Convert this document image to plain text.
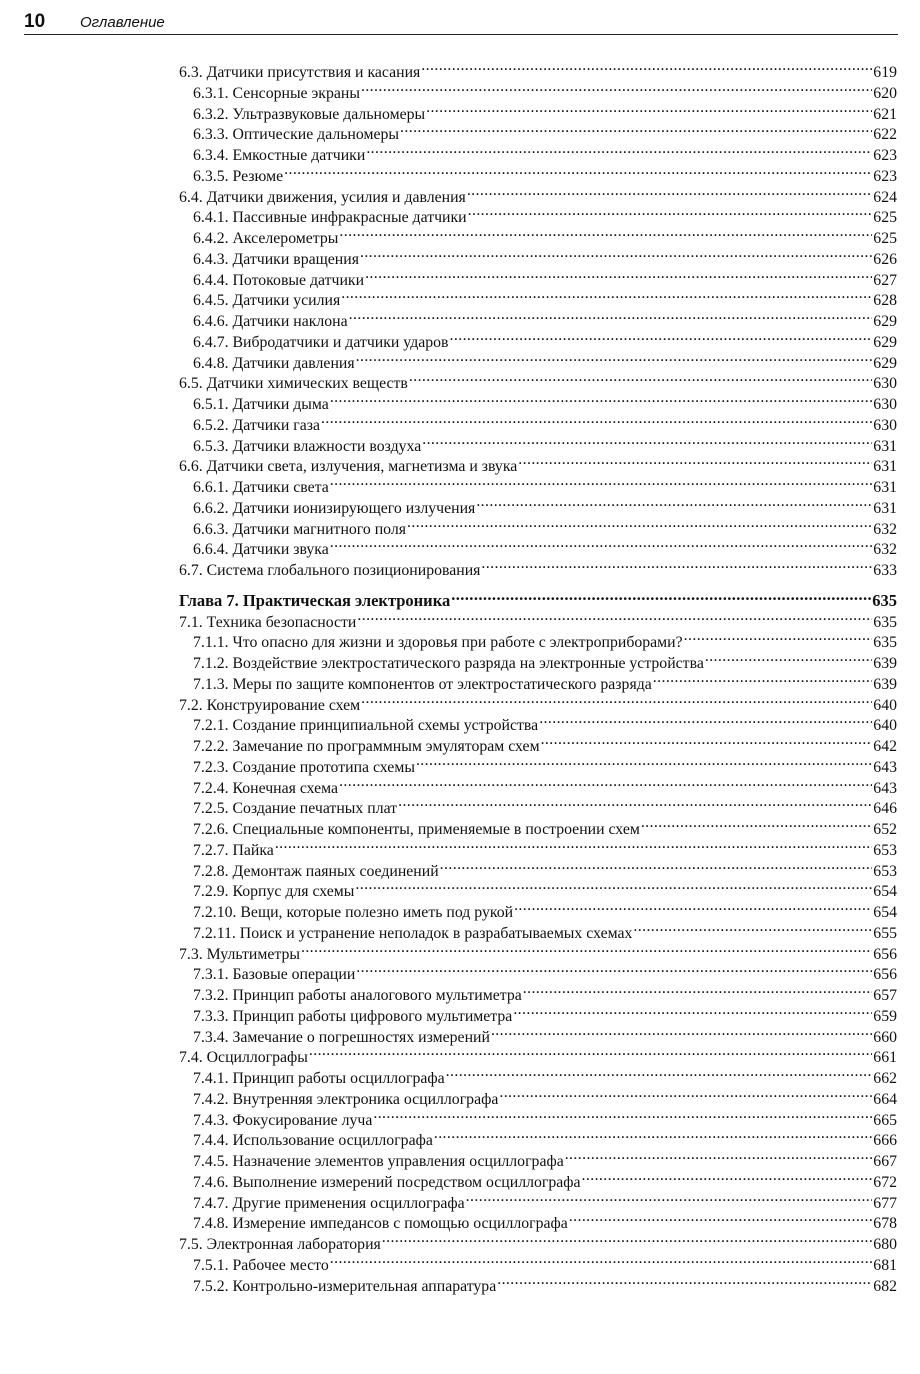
10 Оглавление
6.3. Датчики присутствия и касания .....	619
6.3.1. Сенсорные экраны .....	620
6.3.2. Ультразвуковые дальномеры .....	621
6.3.3. Оптические дальномеры .....	622
6.3.4. Емкостные датчики .....	623
6.3.5. Резюме .....	623
6.4. Датчики движения, усилия и давления .....	624
6.4.1. Пассивные инфракрасные датчики .....	625
6.4.2. Акселерометры .....	625
6.4.3. Датчики вращения .....	626
6.4.4. Потоковые датчики .....	627
6.4.5. Датчики усилия .....	628
6.4.6. Датчики наклона .....	629
6.4.7. Вибродатчики и датчики ударов .....	629
6.4.8. Датчики давления .....	629
6.5. Датчики химических веществ .....	630
6.5.1. Датчики дыма .....	630
6.5.2. Датчики газа .....	630
6.5.3. Датчики влажности воздуха .....	631
6.6. Датчики света, излучения, магнетизма и звука .....	631
6.6.1. Датчики света .....	631
6.6.2. Датчики ионизирующего излучения .....	631
6.6.3. Датчики магнитного поля .....	632
6.6.4. Датчики звука .....	632
6.7. Система глобального позиционирования .....	633
Глава 7. Практическая электроника .....	635
7.1. Техника безопасности .....	635
7.1.1. Что опасно для жизни и здоровья при работе с электроприборами? .....	635
7.1.2. Воздействие электростатического разряда на электронные устройства .....	639
7.1.3. Меры по защите компонентов от электростатического разряда .....	639
7.2. Конструирование схем .....	640
7.2.1. Создание принципиальной схемы устройства .....	640
7.2.2. Замечание по программным эмуляторам схем .....	642
7.2.3. Создание прототипа схемы .....	643
7.2.4. Конечная схема .....	643
7.2.5. Создание печатных плат .....	646
7.2.6. Специальные компоненты, применяемые в построении схем .....	652
7.2.7. Пайка .....	653
7.2.8. Демонтаж паяных соединений .....	653
7.2.9. Корпус для схемы .....	654
7.2.10. Вещи, которые полезно иметь под рукой .....	654
7.2.11. Поиск и устранение неполадок в разрабатываемых схемах .....	655
7.3. Мультиметры .....	656
7.3.1. Базовые операции .....	656
7.3.2. Принцип работы аналогового мультиметра .....	657
7.3.3. Принцип работы цифрового мультиметра .....	659
7.3.4. Замечание о погрешностях измерений .....	660
7.4. Осциллографы .....	661
7.4.1. Принцип работы осциллографа .....	662
7.4.2. Внутренняя электроника осциллографа .....	664
7.4.3. Фокусирование луча .....	665
7.4.4. Использование осциллографа .....	666
7.4.5. Назначение элементов управления осциллографа .....	667
7.4.6. Выполнение измерений посредством осциллографа .....	672
7.4.7. Другие применения осциллографа .....	677
7.4.8. Измерение импедансов с помощью осциллографа .....	678
7.5. Электронная лаборатория .....	680
7.5.1. Рабочее место .....	681
7.5.2. Контрольно-измерительная аппаратура .....	682
